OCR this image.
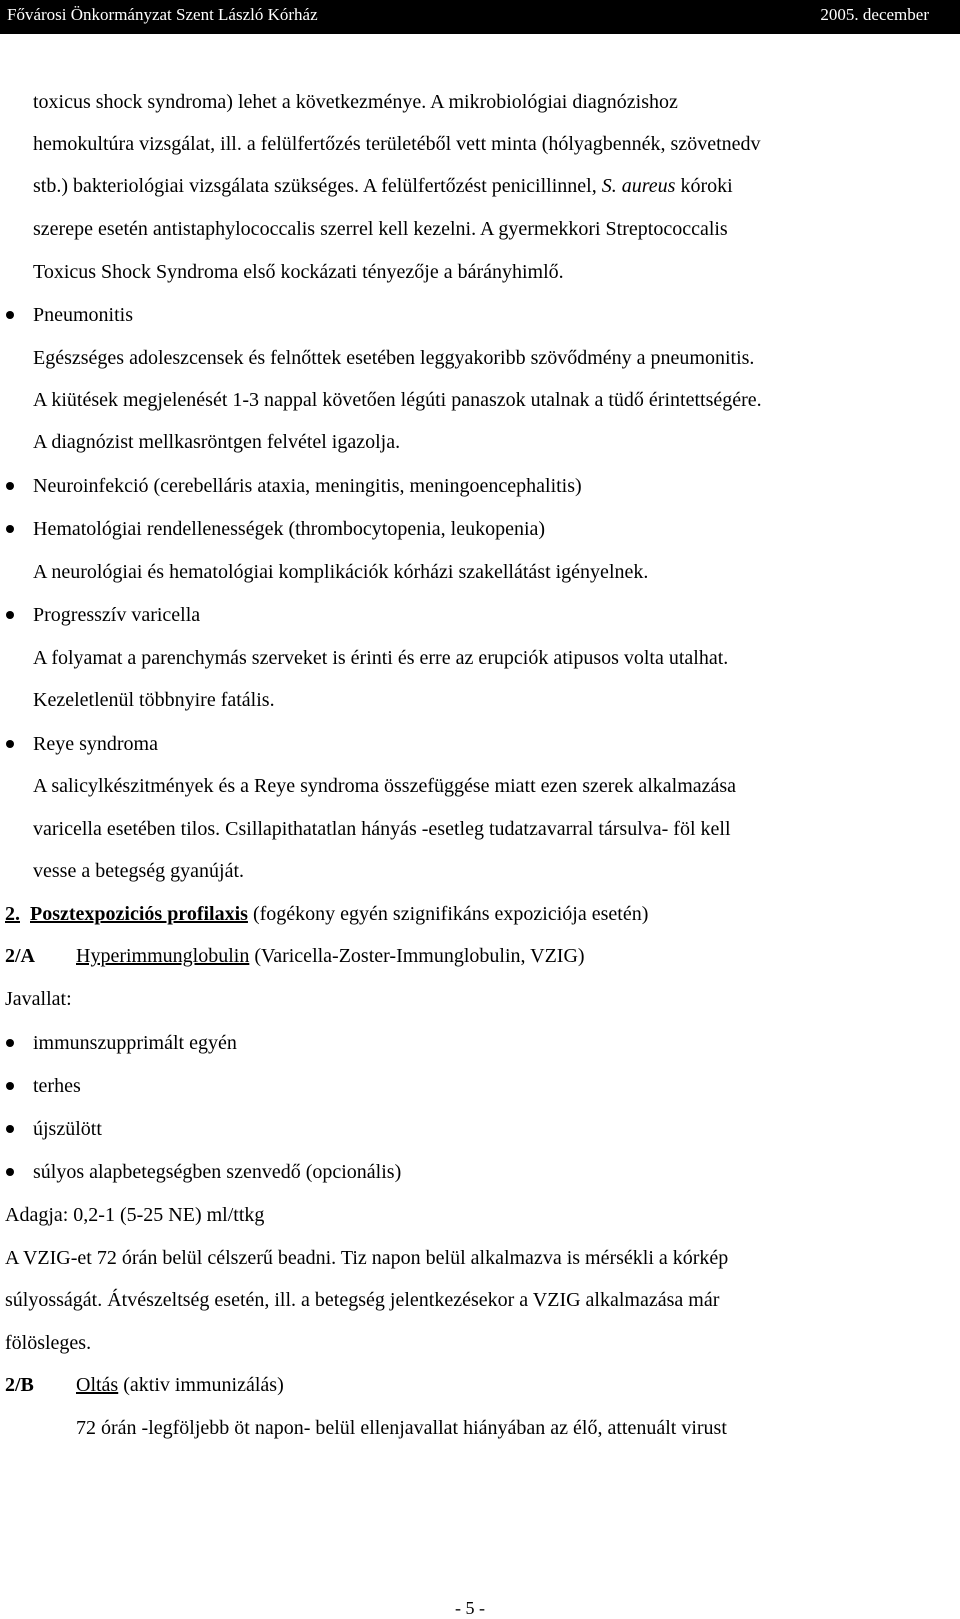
Fővárosi Önkormányzat Szent László Kórház	2005. december

toxicus shock syndroma) lehet a következménye. A mikrobiológiai diagnózishoz

hemokultúra vizsgálat, ill. a felülfertőzés területéből vett minta (hólyagbennék, szövetnedv

stb.) bakteriológiai vizsgálata szükséges. A felülfertőzést penicillinnel, S. aureus kóroki

szerepe esetén antistaphylococcalis szerrel kell kezelni. A gyermekkori Streptococcalis

Toxicus Shock Syndroma első kockázati tényezője a bárányhimlő.

Pneumonitis

Egészséges adoleszcensek és felnőttek esetében leggyakoribb szövődmény a pneumonitis.

A kiütések megjelenését 1-3 nappal követően légúti panaszok utalnak a tüdő érintettségére.

A diagnózist mellkasröntgen felvétel igazolja.

Neuroinfekció (cerebelláris ataxia, meningitis, meningoencephalitis)

Hematológiai rendellenességek (thrombocytopenia, leukopenia)

A neurológiai és hematológiai komplikációk kórházi szakellátást igényelnek.

Progresszív varicella

A folyamat a parenchymás szerveket is érinti és erre az erupciók atipusos volta utalhat.

Kezeletlenül többnyire fatális.

Reye syndroma

A salicylkészitmények és a Reye syndroma összefüggése miatt ezen szerek alkalmazása

varicella esetében tilos. Csillapithatatlan hányás -esetleg tudatzavarral társulva- föl kell

vesse a betegség gyanúját.

2. Posztexpoziciós profilaxis (fogékony egyén szignifikáns expoziciója esetén)

2/A Hyperimmunglobulin (Varicella-Zoster-Immunglobulin, VZIG)

Javallat:

immunszupprimált egyén

terhes

újszülött

súlyos alapbetegségben szenvedő (opcionális)

Adagja: 0,2-1 (5-25 NE) ml/ttkg

A VZIG-et 72 órán belül célszerű beadni. Tiz napon belül alkalmazva is mérsékli a kórkép

súlyosságát. Átvészeltség esetén, ill. a betegség jelentkezésekor a VZIG alkalmazása már

fölösleges.

2/B Oltás (aktiv immunizálás)

72 órán -legföljebb öt napon- belül ellenjavallat hiányában az élő, attenuált virust

- 5 -
